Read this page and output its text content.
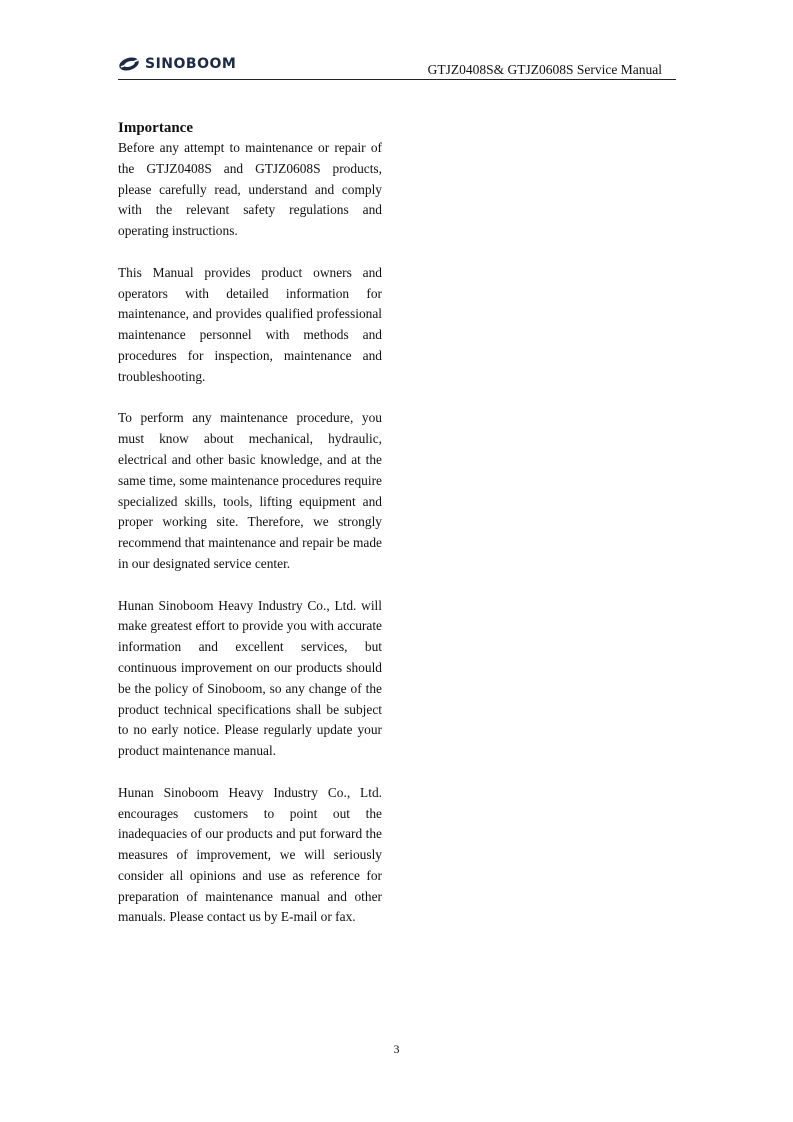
SINOBOOM	GTJZ0408S& GTJZ0608S Service Manual

Importance

Before any attempt to maintenance or repair of the GTJZ0408S and GTJZ0608S products, please carefully read, understand and comply with the relevant safety regulations and operating instructions.

This Manual provides product owners and operators with detailed information for maintenance, and provides qualified professional maintenance personnel with methods and procedures for inspection, maintenance and troubleshooting.

To perform any maintenance procedure, you must know about mechanical, hydraulic, electrical and other basic knowledge, and at the same time, some maintenance procedures require specialized skills, tools, lifting equipment and proper working site. Therefore, we strongly recommend that maintenance and repair be made in our designated service center.

Hunan Sinoboom Heavy Industry Co., Ltd. will make greatest effort to provide you with accurate information and excellent services, but continuous improvement on our products should be the policy of Sinoboom, so any change of the product technical specifications shall be subject to no early notice. Please regularly update your product maintenance manual.

Hunan Sinoboom Heavy Industry Co., Ltd. encourages customers to point out the inadequacies of our products and put forward the measures of improvement, we will seriously consider all opinions and use as reference for preparation of maintenance manual and other manuals. Please contact us by E-mail or fax.

3
